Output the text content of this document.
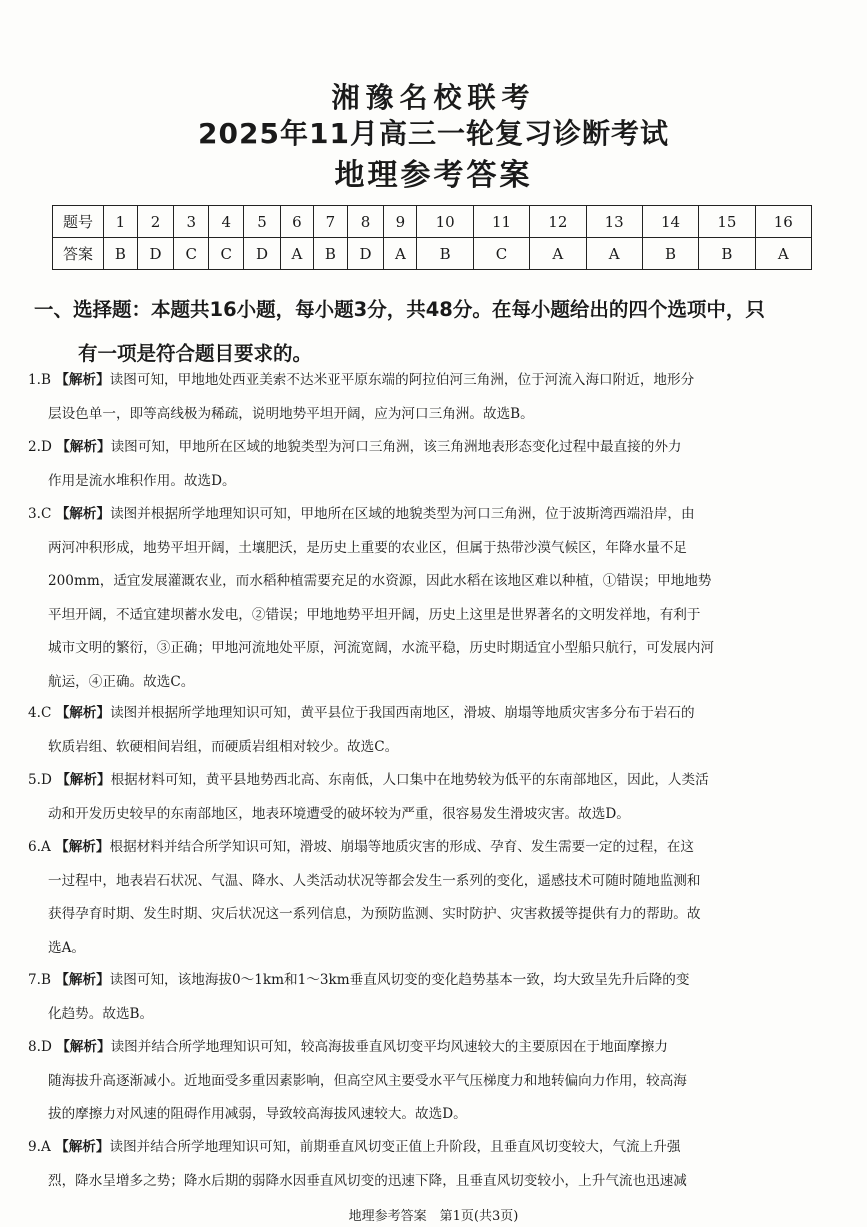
湘豫名校联考
2025年11月高三一轮复习诊断考试
地理参考答案
题号	1	2	3	4	5	6	7	8	9	10	11	12	13	14	15	16
答案	B	D	C	C	D	A	B	D	A	B	C	A	A	B	B	A
一、选择题：本题共16小题，每小题3分，共48分。在每小题给出的四个选项中，只
有一项是符合题目要求的。
1.B 【解析】读图可知，甲地地处西亚美索不达米亚平原东端的阿拉伯河三角洲，位于河流入海口附近，地形分
层设色单一，即等高线极为稀疏，说明地势平坦开阔，应为河口三角洲。故选B。
2.D 【解析】读图可知，甲地所在区域的地貌类型为河口三角洲，该三角洲地表形态变化过程中最直接的外力
作用是流水堆积作用。故选D。
3.C 【解析】读图并根据所学地理知识可知，甲地所在区域的地貌类型为河口三角洲，位于波斯湾西端沿岸，由
两河冲积形成，地势平坦开阔，土壤肥沃，是历史上重要的农业区，但属于热带沙漠气候区，年降水量不足
200mm，适宜发展灌溉农业，而水稻种植需要充足的水资源，因此水稻在该地区难以种植，①错误；甲地地势
平坦开阔，不适宜建坝蓄水发电，②错误；甲地地势平坦开阔，历史上这里是世界著名的文明发祥地，有利于
城市文明的繁衍，③正确；甲地河流地处平原，河流宽阔，水流平稳，历史时期适宜小型船只航行，可发展内河
航运，④正确。故选C。
4.C 【解析】读图并根据所学地理知识可知，黄平县位于我国西南地区，滑坡、崩塌等地质灾害多分布于岩石的
软质岩组、软硬相间岩组，而硬质岩组相对较少。故选C。
5.D 【解析】根据材料可知，黄平县地势西北高、东南低，人口集中在地势较为低平的东南部地区，因此，人类活
动和开发历史较早的东南部地区，地表环境遭受的破坏较为严重，很容易发生滑坡灾害。故选D。
6.A 【解析】根据材料并结合所学知识可知，滑坡、崩塌等地质灾害的形成、孕育、发生需要一定的过程，在这
一过程中，地表岩石状况、气温、降水、人类活动状况等都会发生一系列的变化，遥感技术可随时随地监测和
获得孕育时期、发生时期、灾后状况这一系列信息，为预防监测、实时防护、灾害救援等提供有力的帮助。故
选A。
7.B 【解析】读图可知，该地海拔0～1km和1～3km垂直风切变的变化趋势基本一致，均大致呈先升后降的变
化趋势。故选B。
8.D 【解析】读图并结合所学地理知识可知，较高海拔垂直风切变平均风速较大的主要原因在于地面摩擦力
随海拔升高逐渐减小。近地面受多重因素影响，但高空风主要受水平气压梯度力和地转偏向力作用，较高海
拔的摩擦力对风速的阻碍作用减弱，导致较高海拔风速较大。故选D。
9.A 【解析】读图并结合所学地理知识可知，前期垂直风切变正值上升阶段，且垂直风切变较大，气流上升强
烈，降水呈增多之势；降水后期的弱降水因垂直风切变的迅速下降，且垂直风切变较小，上升气流也迅速减
地理参考答案　第1页(共3页)
